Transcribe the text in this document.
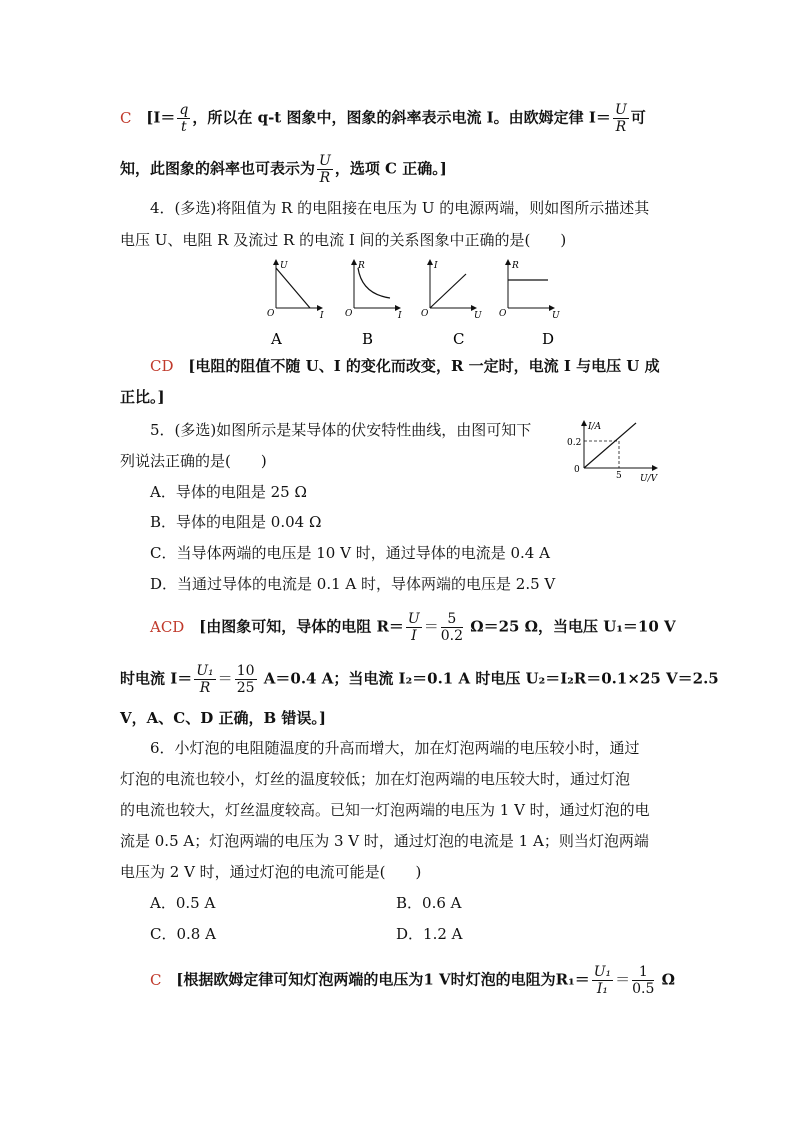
C [$I= \frac{q}{t}$ ，所以在 q-t 图象中，图象的斜率表示电流 I。由欧姆定律 $I= \frac{U}{R}$ 可
知，此图象的斜率也可表示为 $\frac{U}{R}$ ，选项 C 正确。]
4．(多选)将阻值为 R 的电阻接在电压为 U 的电源两端，则如图所示描述其
电压 U、电阻 R 及流过 R 的电流 I 间的关系图象中正确的是(　　)
U
I
O
A
R
I
O
B
I
U
O
C
R
U
O
D
CD [电阻的阻值不随 U、I 的变化而改变，R 一定时，电流 I 与电压 U 成
正比。]
5．(多选)如图所示是某导体的伏安特性曲线，由图可知下
列说法正确的是(　　)
I/A
0.2
0
5 U/V
A．导体的电阻是 25 Ω
B．导体的电阻是 0.04 Ω
C．当导体两端的电压是 10 V 时，通过导体的电流是 0.4 A
D．当通过导体的电流是 0.1 A 时，导体两端的电压是 2.5 V
ACD [由图象可知，导体的电阻 $R= \frac{U}{I} = \frac{5}{0.2} \Omega=25$ Ω，当电压 U₁＝10 V
时电流 $I= \frac{\text{U₁}}{R} = \frac{10}{25} A=0.4$ A；当电流 I₂＝0.1 A 时电压 U₂＝I₂R＝0.1×25 V＝2.5
V，A、C、D 正确，B 错误。]
6．小灯泡的电阻随温度的升高而增大，加在灯泡两端的电压较小时，通过
灯泡的电流也较小，灯丝的温度较低；加在灯泡两端的电压较大时，通过灯泡
的电流也较大，灯丝温度较高。已知一灯泡两端的电压为 1 V 时，通过灯泡的电
流是 0.5 A；灯泡两端的电压为 3 V 时，通过灯泡的电流是 1 A；则当灯泡两端
电压为 2 V 时，通过灯泡的电流可能是(　　)
A．0.5 A	B．0.6 A
C．0.8 A	D．1.2 A
C [根据欧姆定律可知灯泡两端的电压为1 V时灯泡的电阻为$R_1= \frac{\text{U₁}}{\text{I₁}} = \frac{1}{0.5}$ Ω
